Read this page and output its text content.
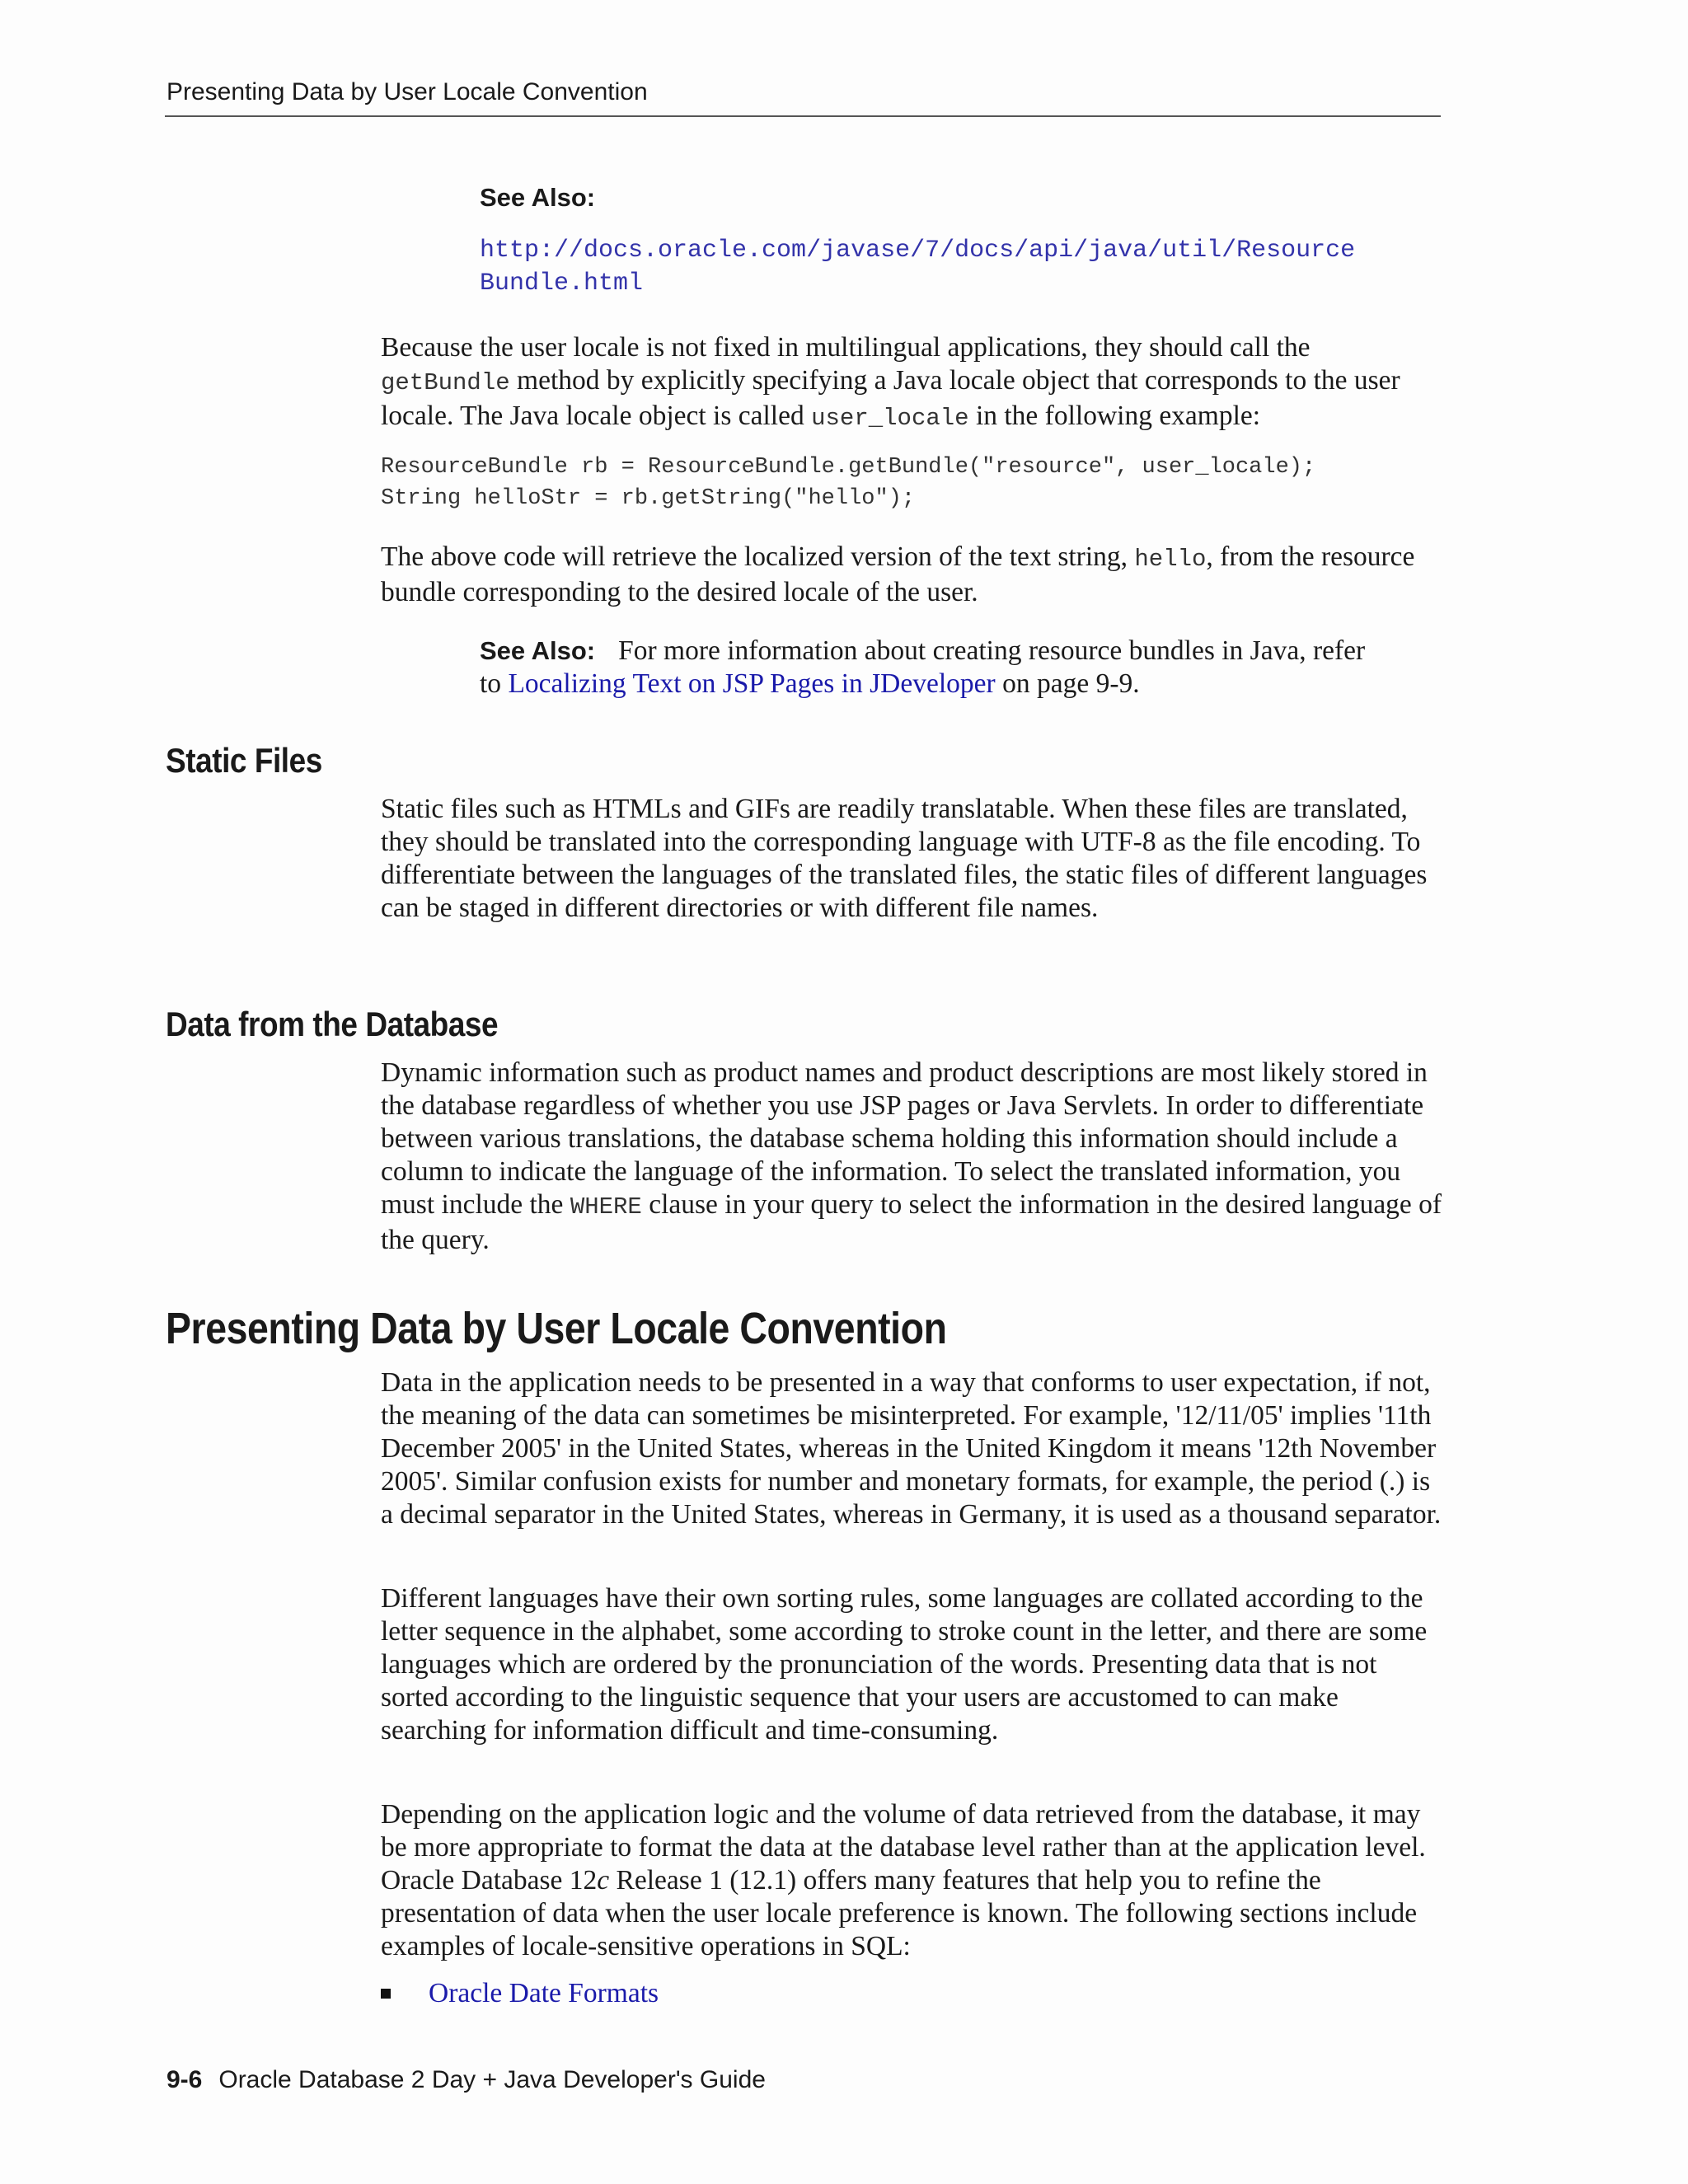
Presenting Data by User Locale Convention
See Also:
http://docs.oracle.com/javase/7/docs/api/java/util/ResourceBundle.html

Because the user locale is not fixed in multilingual applications, they should call the getBundle method by explicitly specifying a Java locale object that corresponds to the user locale. The Java locale object is called user_locale in the following example:

ResourceBundle rb = ResourceBundle.getBundle("resource", user_locale);
String helloStr = rb.getString("hello");

The above code will retrieve the localized version of the text string, hello, from the resource bundle corresponding to the desired locale of the user.

See Also: For more information about creating resource bundles in Java, refer to Localizing Text on JSP Pages in JDeveloper on page 9-9.
Static Files

Static files such as HTMLs and GIFs are readily translatable. When these files are translated, they should be translated into the corresponding language with UTF-8 as the file encoding. To differentiate between the languages of the translated files, the static files of different languages can be staged in different directories or with different file names.

Data from the Database

Dynamic information such as product names and product descriptions are most likely stored in the database regardless of whether you use JSP pages or Java Servlets. In order to differentiate between various translations, the database schema holding this information should include a column to indicate the language of the information. To select the translated information, you must include the WHERE clause in your query to select the information in the desired language of the query.

Presenting Data by User Locale Convention

Data in the application needs to be presented in a way that conforms to user expectation, if not, the meaning of the data can sometimes be misinterpreted. For example, '12/11/05' implies '11th December 2005' in the United States, whereas in the United Kingdom it means '12th November 2005'. Similar confusion exists for number and monetary formats, for example, the period (.) is a decimal separator in the United States, whereas in Germany, it is used as a thousand separator.

Different languages have their own sorting rules, some languages are collated according to the letter sequence in the alphabet, some according to stroke count in the letter, and there are some languages which are ordered by the pronunciation of the words. Presenting data that is not sorted according to the linguistic sequence that your users are accustomed to can make searching for information difficult and time-consuming.

Depending on the application logic and the volume of data retrieved from the database, it may be more appropriate to format the data at the database level rather than at the application level. Oracle Database 12c Release 1 (12.1) offers many features that help you to refine the presentation of data when the user locale preference is known. The following sections include examples of locale-sensitive operations in SQL:

Oracle Date Formats
9-6 Oracle Database 2 Day + Java Developer's Guide
